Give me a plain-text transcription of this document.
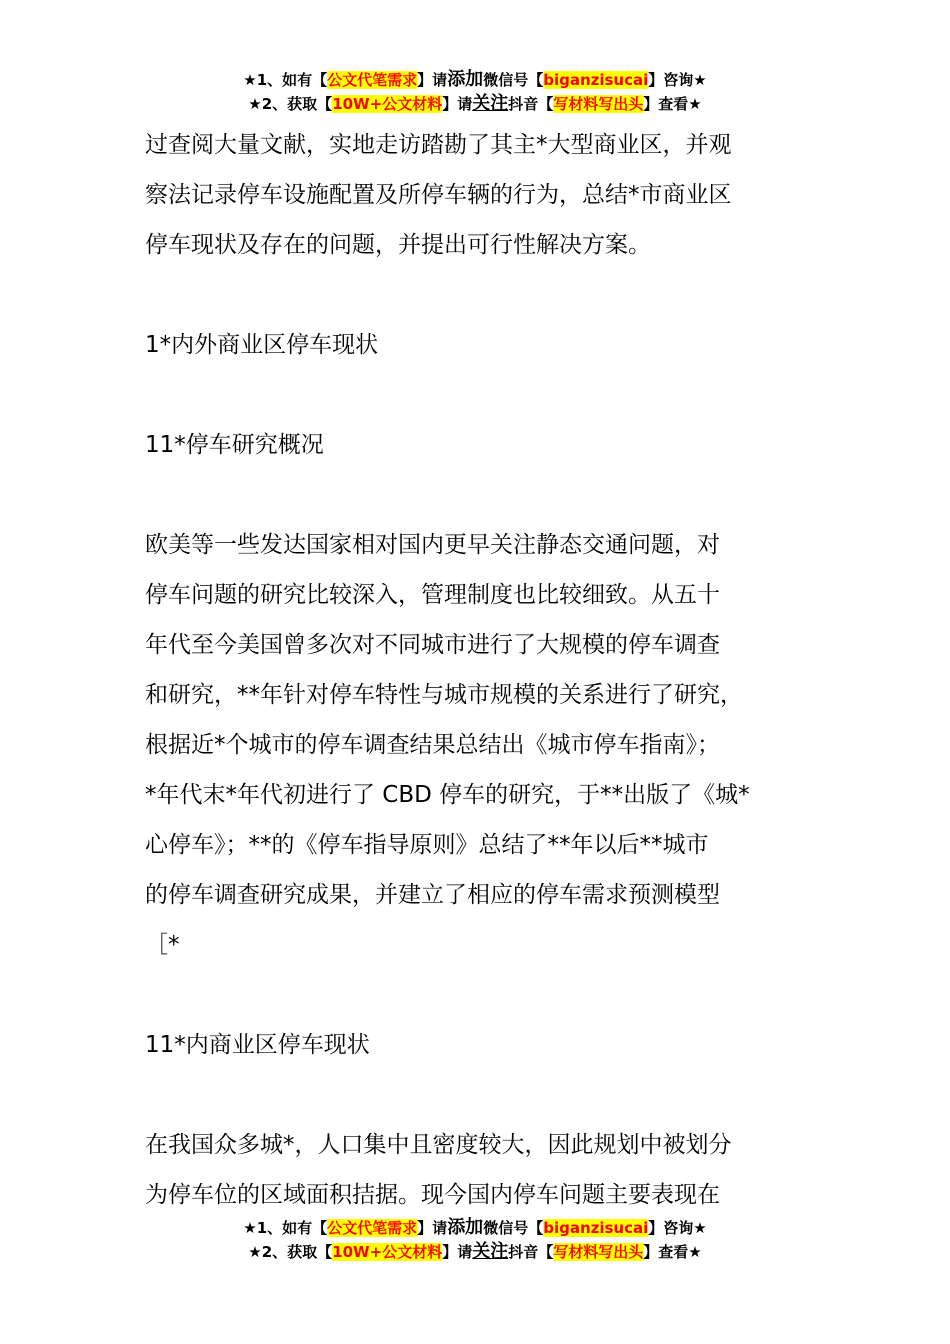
★1、如有【公文代笔需求】请添加微信号【biganzisucai】咨询★
★2、获取【10W+公文材料】请关注抖音【写材料写出头】查看★

过查阅大量文献，实地走访踏勘了其主*大型商业区，并观

察法记录停车设施配置及所停车辆的行为，总结*市商业区

停车现状及存在的问题，并提出可行性解决方案。

1*内外商业区停车现状

11*停车研究概况

欧美等一些发达国家相对国内更早关注静态交通问题，对

停车问题的研究比较深入，管理制度也比较细致。从五十

年代至今美国曾多次对不同城市进行了大规模的停车调查

和研究，**年针对停车特性与城市规模的关系进行了研究，

根据近*个城市的停车调查结果总结出《城市停车指南》；

*年代末*年代初进行了 CBD 停车的研究，于**出版了《城*

心停车》；**的《停车指导原则》总结了**年以后**城市

的停车调查研究成果，并建立了相应的停车需求预测模型

［*

11*内商业区停车现状

在我国众多城*，人口集中且密度较大，因此规划中被划分

为停车位的区域面积拮据。现今国内停车问题主要表现在

★1、如有【公文代笔需求】请添加微信号【biganzisucai】咨询★
★2、获取【10W+公文材料】请关注抖音【写材料写出头】查看★
